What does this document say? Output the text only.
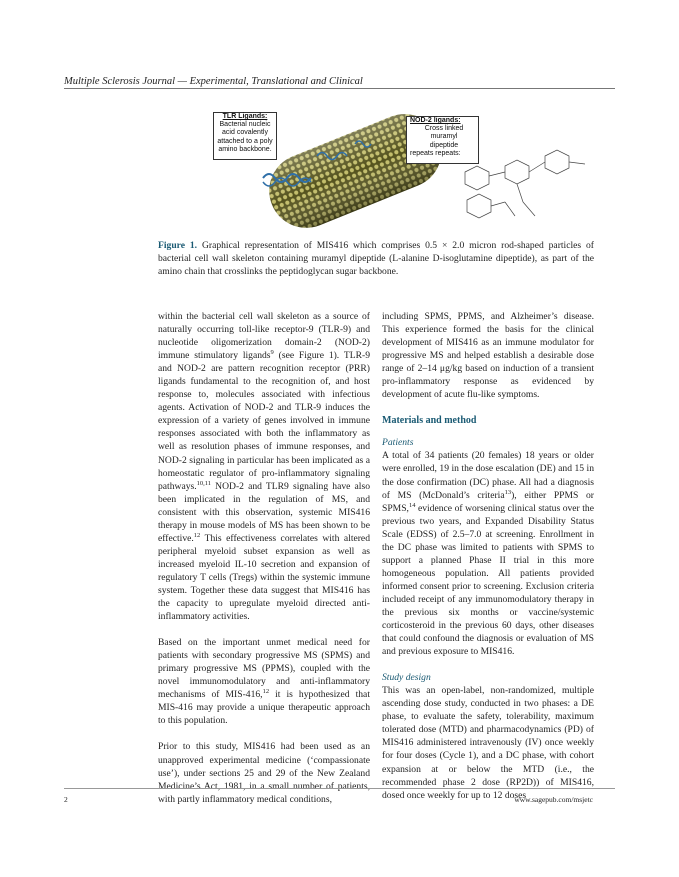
Multiple Sclerosis Journal — Experimental, Translational and Clinical
TLR Ligands:
Bacterial nucleic
acid covalently
attached to a poly
amino backbone.
NOD-2 ligands:
Cross linked
muramyl
dipeptide
repeats repeats:
Figure 1. Graphical representation of MIS416 which comprises 0.5 × 2.0 micron rod-shaped particles of bacterial cell wall skeleton containing muramyl dipeptide (L-alanine D-isoglutamine dipeptide), as part of the amino chain that crosslinks the peptidoglycan sugar backbone.

within the bacterial cell wall skeleton as a source of naturally occurring toll-like receptor-9 (TLR-9) and nucleotide oligomerization domain-2 (NOD-2) immune stimulatory ligands$^9$ (see Figure 1). TLR-9 and NOD-2 are pattern recognition receptor (PRR) ligands fundamental to the recognition of, and host response to, molecules associated with infectious agents. Activation of NOD-2 and TLR-9 induces the expression of a variety of genes involved in immune responses associated with both the inflammatory as well as resolution phases of immune responses, and NOD-2 signaling in particular has been implicated as a homeostatic regulator of pro-inflammatory signaling pathways.$^{10,11}$ NOD-2 and TLR9 signaling have also been implicated in the regulation of MS, and consistent with this observation, systemic MIS416 therapy in mouse models of MS has been shown to be effective.$^{12}$ This effectiveness correlates with altered peripheral myeloid subset expansion as well as increased myeloid IL-10 secretion and expansion of regulatory T cells (Tregs) within the systemic immune system. Together these data suggest that MIS416 has the capacity to upregulate myeloid directed anti-inflammatory activities.

Based on the important unmet medical need for patients with secondary progressive MS (SPMS) and primary progressive MS (PPMS), coupled with the novel immunomodulatory and anti-inflammatory mechanisms of MIS-416,12 it is hypothesized that MIS-416 may provide a unique therapeutic approach to this population.

Prior to this study, MIS416 had been used as an unapproved experimental medicine (‘compassionate use’), under sections 25 and 29 of the New Zealand Medicine’s Act, 1981, in a small number of patients, with partly inflammatory medical conditions,

including SPMS, PPMS, and Alzheimer’s disease. This experience formed the basis for the clinical development of MIS416 as an immune modulator for progressive MS and helped establish a desirable dose range of 2–14 μg/kg based on induction of a transient pro-inflammatory response as evidenced by development of acute flu-like symptoms.

Materials and method
Patients

A total of 34 patients (20 females) 18 years or older were enrolled, 19 in the dose escalation (DE) and 15 in the dose confirmation (DC) phase. All had a diagnosis of MS (McDonald’s criteria$^{13}$), either PPMS or SPMS,$^{14}$ evidence of worsening clinical status over the previous two years, and Expanded Disability Status Scale (EDSS) of 2.5–7.0 at screening. Enrollment in the DC phase was limited to patients with SPMS to support a planned Phase II trial in this more homogeneous population. All patients provided informed consent prior to screening. Exclusion criteria included receipt of any immunomodulatory therapy in the previous six months or vaccine/systemic corticosteroid in the previous 60 days, other diseases that could confound the diagnosis or evaluation of MS and previous exposure to MIS416.

Study design

This was an open-label, non-randomized, multiple ascending dose study, conducted in two phases: a DE phase, to evaluate the safety, tolerability, maximum tolerated dose (MTD) and pharmacodynamics (PD) of MIS416 administered intravenously (IV) once weekly for four doses (Cycle 1), and a DC phase, with cohort expansion at or below the MTD (i.e., the recommended phase 2 dose (RP2D)) of MIS416, dosed once weekly for up to 12 doses

2	www.sagepub.com/msjetc
